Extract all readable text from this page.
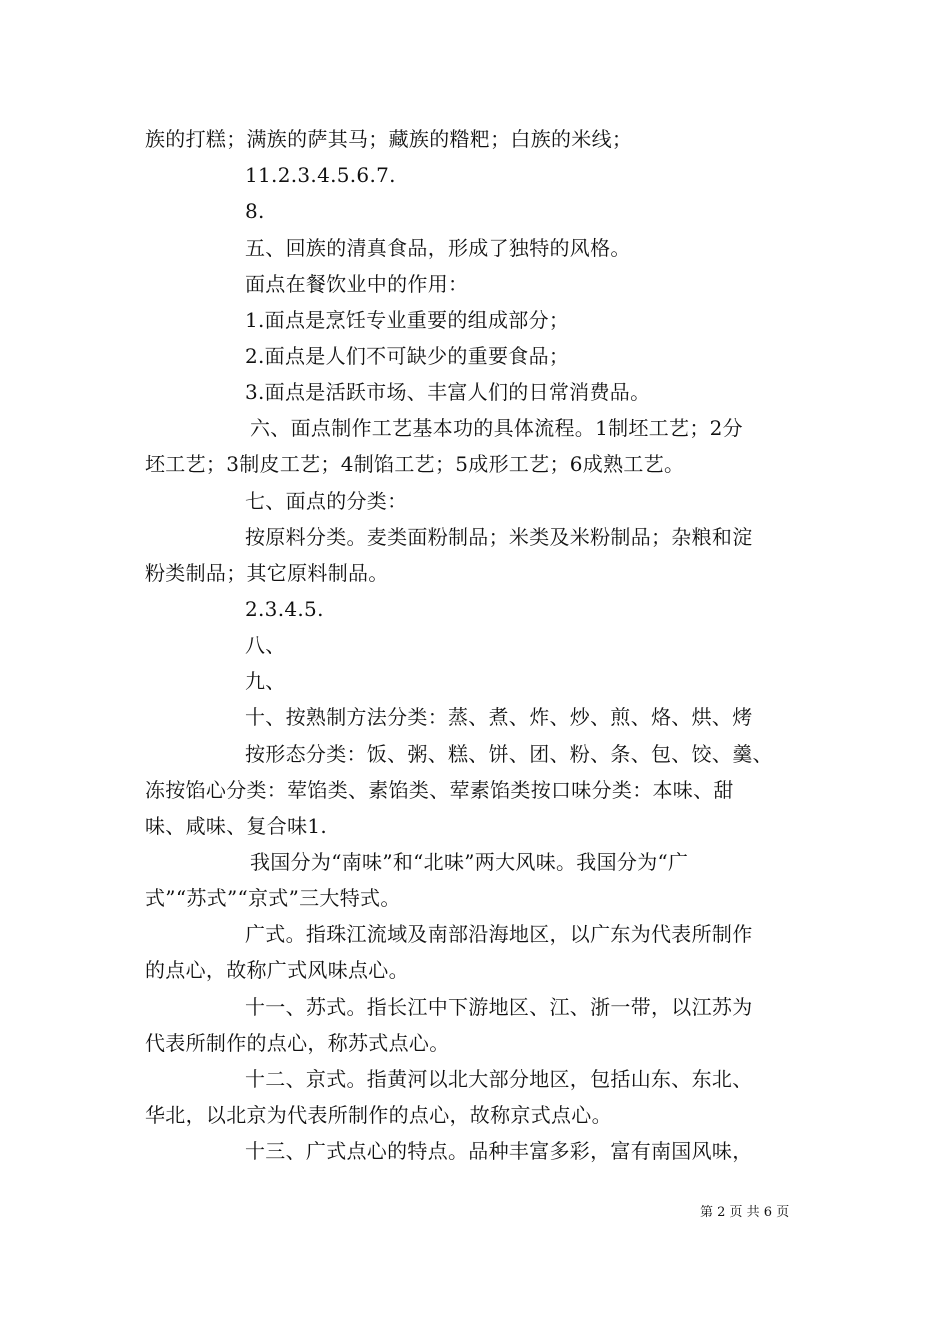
族的打糕；满族的萨其马；藏族的糌粑；白族的米线；
11.2.3.4.5.6.7.
8.
五、回族的清真食品，形成了独特的风格。
面点在餐饮业中的作用：
1.面点是烹饪专业重要的组成部分；
2.面点是人们不可缺少的重要食品；
3.面点是活跃市场、丰富人们的日常消费品。
六、面点制作工艺基本功的具体流程。1制坯工艺；2分
坯工艺；3制皮工艺；4制馅工艺；5成形工艺；6成熟工艺。
七、面点的分类：
按原料分类。麦类面粉制品；米类及米粉制品；杂粮和淀
粉类制品；其它原料制品。
2.3.4.5.
八、
九、
十、按熟制方法分类：蒸、煮、炸、炒、煎、烙、烘、烤
按形态分类：饭、粥、糕、饼、团、粉、条、包、饺、羹、
冻按馅心分类：荤馅类、素馅类、荤素馅类按口味分类：本味、甜
味、咸味、复合味1.
我国分为“南味”和“北味”两大风味。我国分为“广
式”“苏式”“京式”三大特式。
广式。指珠江流域及南部沿海地区，以广东为代表所制作
的点心，故称广式风味点心。
十一、苏式。指长江中下游地区、江、浙一带，以江苏为
代表所制作的点心，称苏式点心。
十二、京式。指黄河以北大部分地区，包括山东、东北、
华北，以北京为代表所制作的点心，故称京式点心。
十三、广式点心的特点。品种丰富多彩，富有南国风味，
第 2 页 共 6 页
